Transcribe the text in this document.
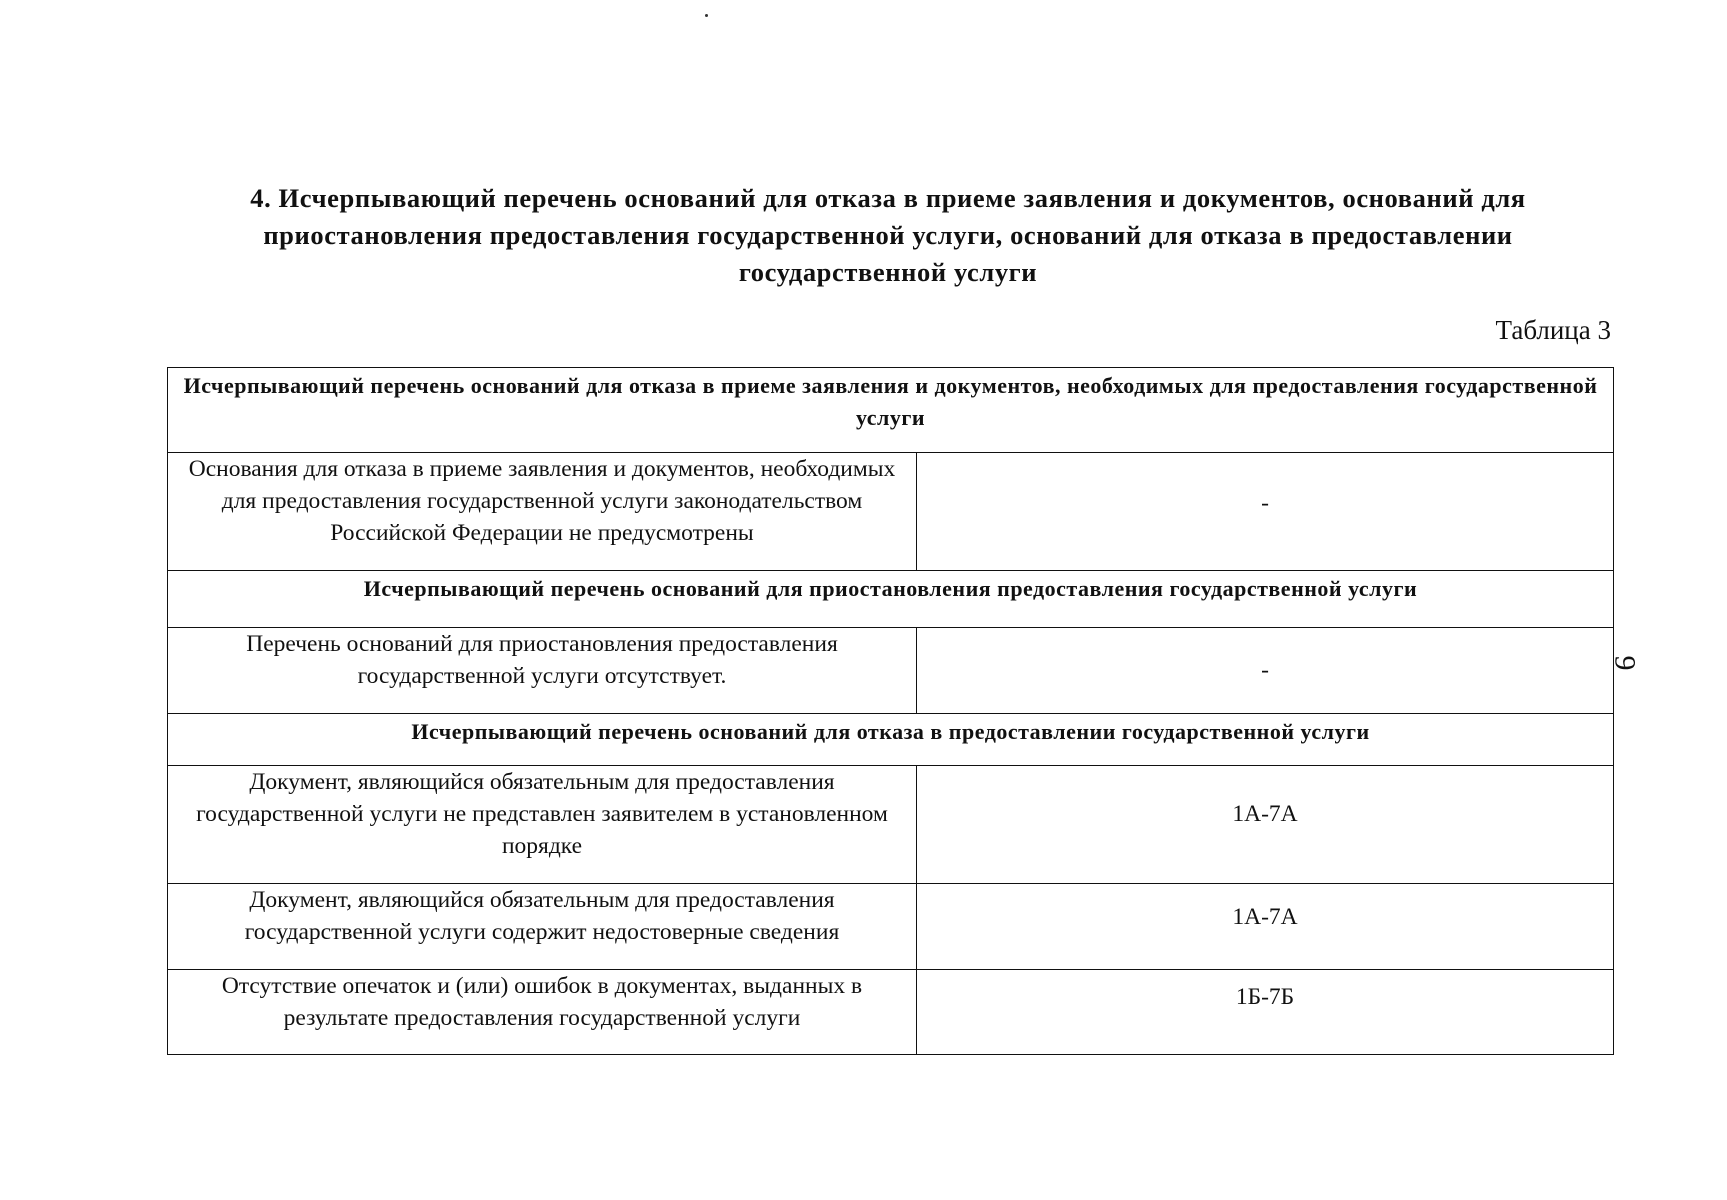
4. Исчерпывающий перечень оснований для отказа в приеме заявления и документов, оснований для приостановления предоставления государственной услуги, оснований для отказа в предоставлении государственной услуги
Таблица 3
9
Исчерпывающий перечень оснований для отказа в приеме заявления и документов, необходимых для предоставления государственной услуги	
Основания для отказа в приеме заявления и документов, необходимых для предоставления государственной услуги законодательством Российской Федерации не предусмотрены	-
Исчерпывающий перечень оснований для приостановления предоставления государственной услуги	
Перечень оснований для приостановления предоставления государственной услуги отсутствует.	-
Исчерпывающий перечень оснований для отказа в предоставлении государственной услуги	
Документ, являющийся обязательным для предоставления государственной услуги не представлен заявителем в установленном порядке	1А-7А
Документ, являющийся обязательным для предоставления государственной услуги содержит недостоверные сведения	1А-7А
Отсутствие опечаток и (или) ошибок в документах, выданных в результате предоставления государственной услуги	1Б-7Б
